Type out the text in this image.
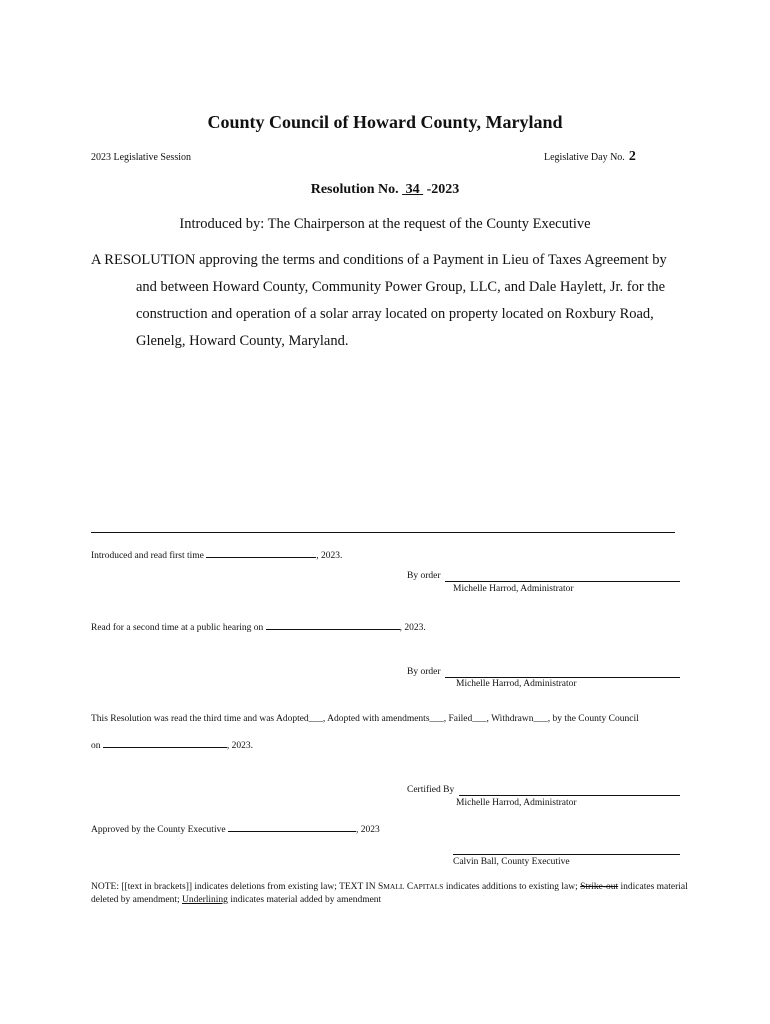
County Council of Howard County, Maryland
2023 Legislative Session	Legislative Day No. 2
Resolution No. 34 -2023
Introduced by: The Chairperson at the request of the County Executive
A RESOLUTION approving the terms and conditions of a Payment in Lieu of Taxes Agreement by
and between Howard County, Community Power Group, LLC, and Dale Haylett, Jr. for the
construction and operation of a solar array located on property located on Roxbury Road,
Glenelg, Howard County, Maryland.
Introduced and read first time	, 2023.
By order
Michelle Harrod, Administrator
Read for a second time at a public hearing on	, 2023.
By order
Michelle Harrod, Administrator
This Resolution was read the third time and was Adopted___, Adopted with amendments___, Failed___, Withdrawn___, by the County Council
on	, 2023.
Certified By
Michelle Harrod, Administrator
Approved by the County Executive	, 2023
Calvin Ball, County Executive
NOTE: [[text in brackets]] indicates deletions from existing law; TEXT IN SMALL CAPITALS indicates additions to existing law; Strike-out indicates material deleted by amendment; Underlining indicates material added by amendment
